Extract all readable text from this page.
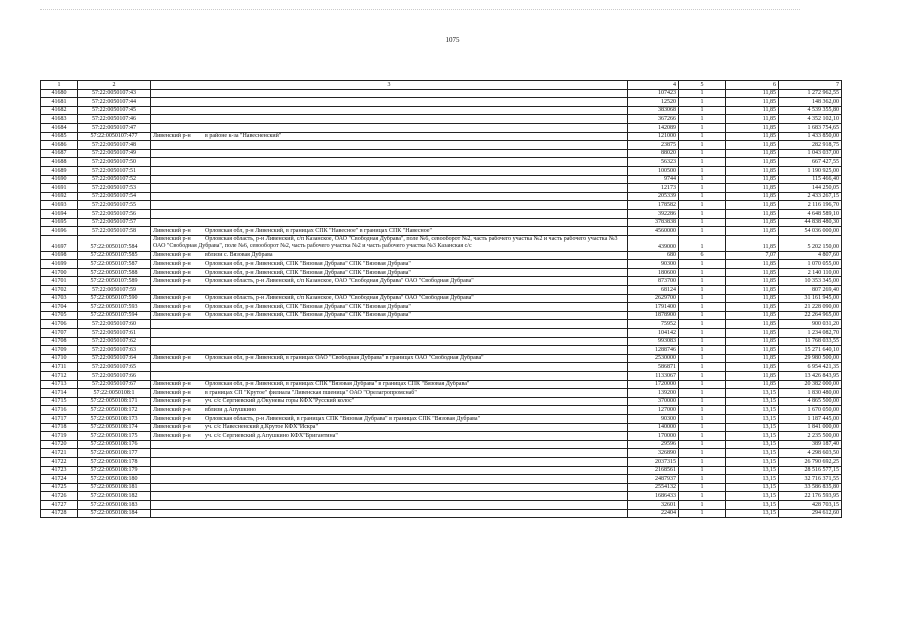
1075
1	2	3	4	5	6	7
41680	57:22:0050107:43		107423	1	11,85	1 272 962,55
41681	57:22:0050107:44		12520	1	11,85	148 362,00
41682	57:22:0050107:45		383068	1	11,85	4 539 355,80
41683	57:22:0050107:46		367266	1	11,85	4 352 102,10
41684	57:22:0050107:47		142089	1	11,85	1 683 754,65
41685	57:22:0050107:477	Ливенский р-н в районе к-за "Навесненский"	121000	1	11,85	1 433 850,00
41686	57:22:0050107:48		23875	1	11,85	282 918,75
41687	57:22:0050107:49		88020	1	11,85	1 043 037,00
41688	57:22:0050107:50		56323	1	11,85	667 427,55
41689	57:22:0050107:51		100500	1	11,85	1 190 925,00
41690	57:22:0050107:52		9744	1	11,85	115 466,40
41691	57:22:0050107:53		12173	1	11,85	144 250,05
41692	57:22:0050107:54		205339	1	11,85	2 433 267,15
41693	57:22:0050107:55		178582	1	11,85	2 116 196,70
41694	57:22:0050107:56		392286	1	11,85	4 648 589,10
41695	57:22:0050107:57		3783838	1	11,85	44 838 480,30
41696	57:22:0050107:58	Ливенский р-н Орловская обл, р-н Ливенский, в границах СПК "Навесное" в границах СПК "Навесное"	4560000	1	11,85	54 036 000,00
41697	57:22:0050107:584	Ливенский р-н Орловская область, р-н Ливенский, с/п Казанское, ОАО "Свободная Дубрава", поле №6, севооборот №2, часть рабочего участка №2 и часть рабочего участка №3 ОАО "Свободная Дубрава", поле №6, севооборот №2, часть рабочего участка №2 и часть рабочего участка №3 Казанская с/с	439000	1	11,85	5 202 150,00
41698	57:22:0050107:585	Ливенский р-н вблизи с. Вязовая Дубрава	680	6	7,07	4 807,60
41699	57:22:0050107:587	Ливенский р-н Орловская обл, р-н Ливенский, СПК "Вязовая Дубрава" СПК "Вязовая Дубрава"	90300	1	11,85	1 070 055,00
41700	57:22:0050107:588	Ливенский р-н Орловская обл, р-н Ливенский, СПК "Вязовая Дубрава" СПК "Вязовая Дубрава"	180600	1	11,85	2 140 110,00
41701	57:22:0050107:589	Ливенский р-н Орловская область, р-н Ливенский, с/п Казанское, ОАО "Свободная Дубрава" ОАО "Свободная Дубрава"	873700	1	11,85	10 353 345,00
41702	57:22:0050107:59		68124	1	11,85	807 269,40
41703	57:22:0050107:590	Ливенский р-н Орловская область, р-н Ливенский, с/п Казанское, ОАО "Свободная Дубрава" ОАО "Свободная Дубрава"	2629700	1	11,85	31 161 945,00
41704	57:22:0050107:593	Ливенский р-н Орловская обл, р-н Ливенский, СПК "Вязовая Дубрава" СПК "Вязовая Дубрава"	1791400	1	11,85	21 228 090,00
41705	57:22:0050107:594	Ливенский р-н Орловская обл, р-н Ливенский, СПК "Вязовая Дубрава" СПК "Вязовая Дубрава"	1878900	1	11,85	22 264 965,00
41706	57:22:0050107:60		75952	1	11,85	900 031,20
41707	57:22:0050107:61		104142	1	11,85	1 234 082,70
41708	57:22:0050107:62		993083	1	11,85	11 768 033,55
41709	57:22:0050107:63		1288746	1	11,85	15 271 640,10
41710	57:22:0050107:64	Ливенский р-н Орловская обл, р-н Ливенский, в границах ОАО "Свободная Дубрава" в границах ОАО "Свободная Дубрава"	2530000	1	11,85	29 980 500,00
41711	57:22:0050107:65		586871	1	11,85	6 954 421,35
41712	57:22:0050107:66		1133067	1	11,85	13 426 843,95
41713	57:22:0050107:67	Ливенский р-н Орловская обл, р-н Ливенский, в границах СПК "Вязовая Дубрава" в границах СПК "Вязовая Дубрава"	1720000	1	11,85	20 382 000,00
41714	57:22:0050108:1	Ливенский р-н в границах СП "Крутое" филиала "Ливенская пшеница" ОАО "Орелагропромснаб"	139200	1	13,15	1 830 480,00
41715	57:22:0050108:171	Ливенский р-н уч. с/с Сергиевский д.Окуневы горы КФХ"Русский колос"	370000	1	13,15	4 865 500,00
41716	57:22:0050108:172	Ливенский р-н вблизи д.Апушкино	127000	1	13,15	1 670 050,00
41717	57:22:0050108:173	Ливенский р-н Орловская область, р-н Ливенский, в границах СПК "Вязовая Дубрава" в границах СПК "Вязовая Дубрава"	90300	1	13,15	1 187 445,00
41718	57:22:0050108:174	Ливенский р-н уч. с/с Навесненский д.Крутое КФХ"Искра"	140000	1	13,15	1 841 000,00
41719	57:22:0050108:175	Ливенский р-н уч. с/с Сергиевский д.Апушкино КФХ"Бригантина"	170000	1	13,15	2 235 500,00
41720	57:22:0050108:176		29596	1	13,15	389 187,40
41721	57:22:0050108:177		326890	1	13,15	4 298 603,50
41722	57:22:0050108:178		2037315	1	13,15	26 790 692,25
41723	57:22:0050108:179		2168561	1	13,15	28 516 577,15
41724	57:22:0050108:180		2487937	1	13,15	32 716 371,55
41725	57:22:0050108:181		2554132	1	13,15	33 586 835,80
41726	57:22:0050108:182		1686433	1	13,15	22 176 593,95
41727	57:22:0050108:183		32601	1	13,15	428 703,15
41728	57:22:0050108:184		22404	1	13,15	294 612,60
